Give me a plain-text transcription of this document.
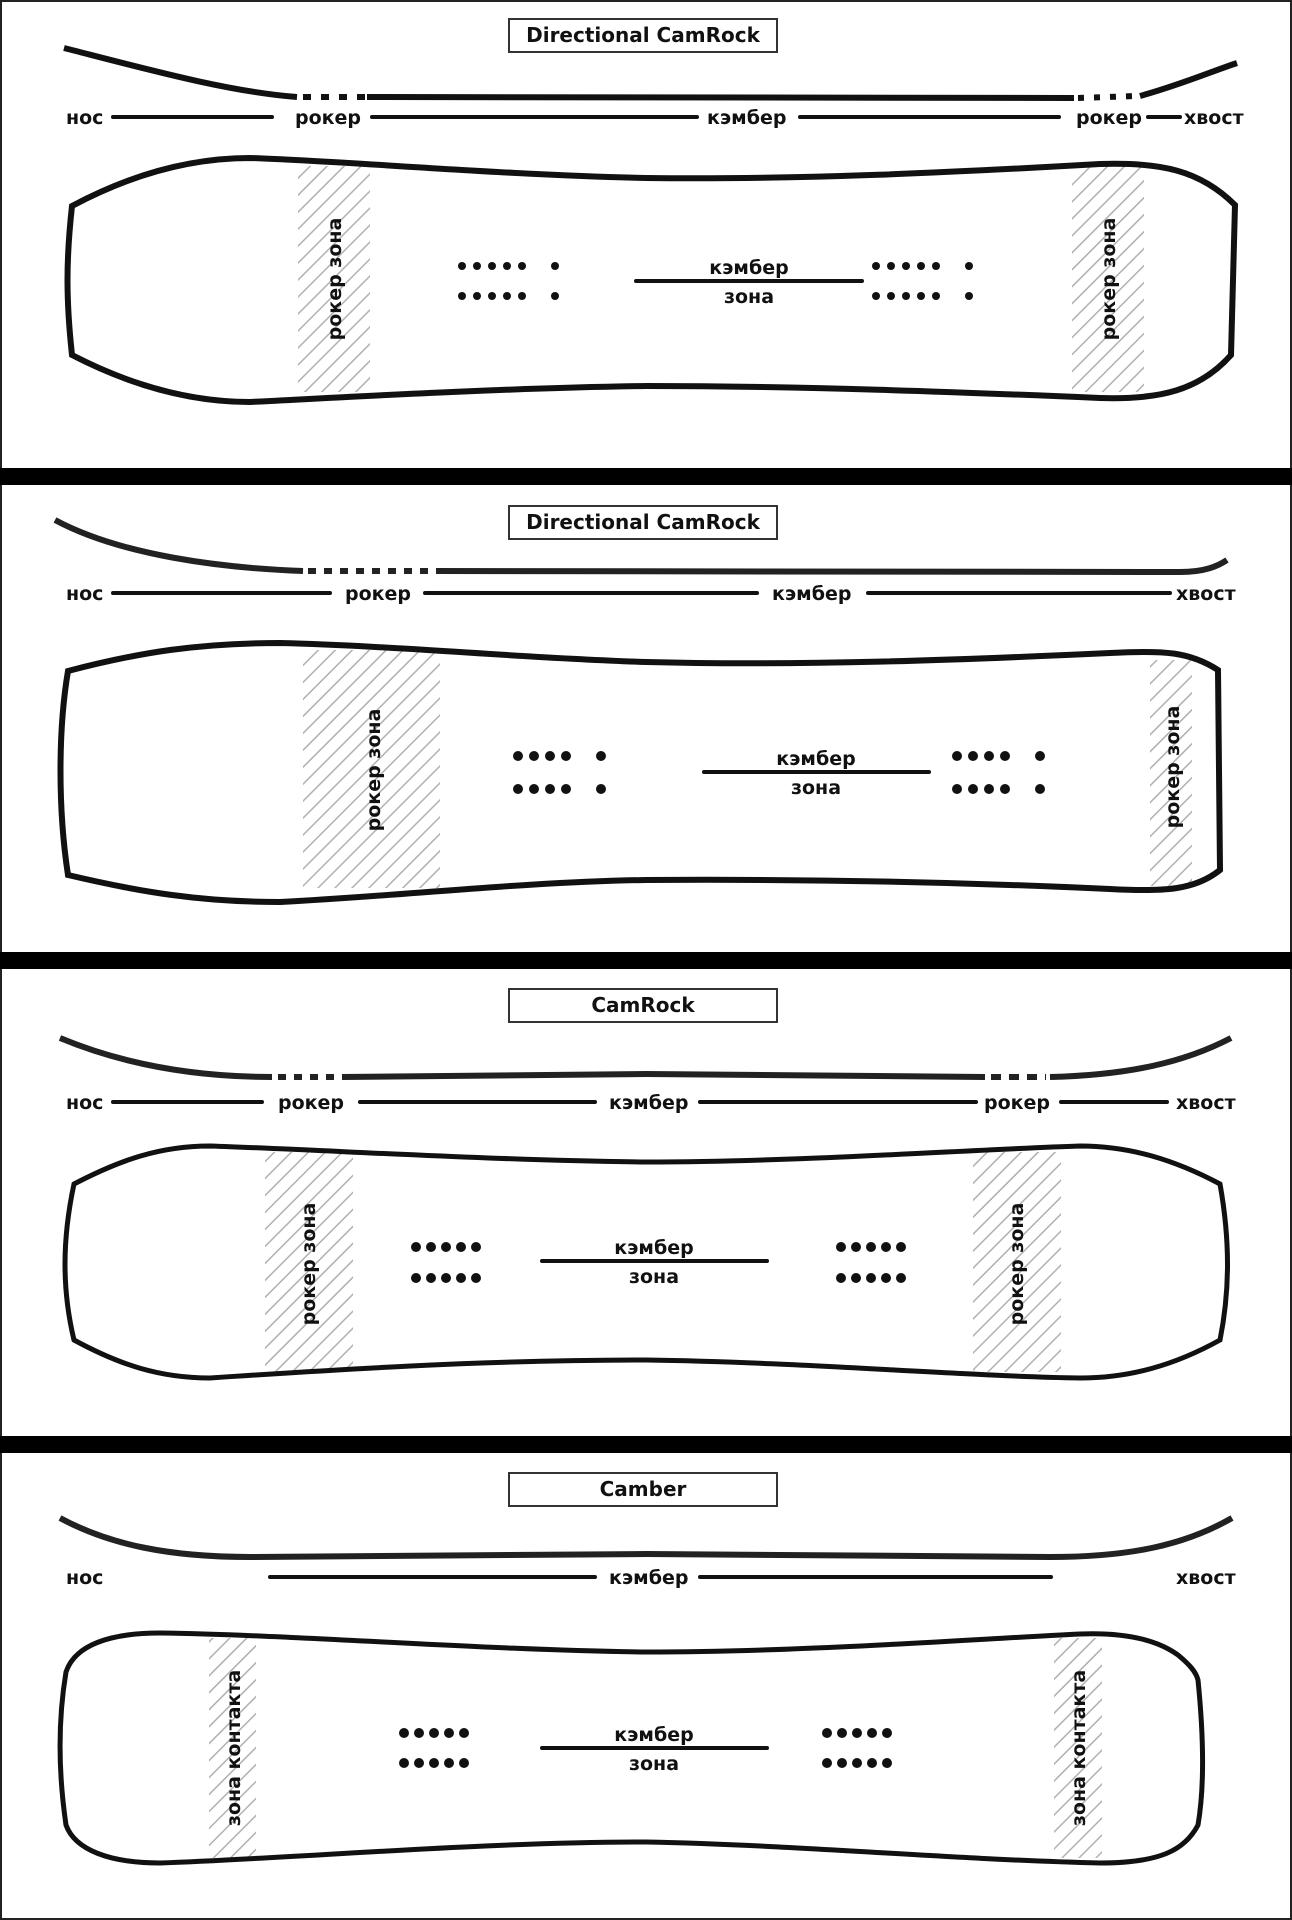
нос	рокер	кэмбер	рокер хвост
кэмбер
зона
рокер зона	рокер зона
нос	рокер	кэмбер	хвост
кэмбер
зона
рокер зона	рокер зона
нос	рокер	кэмбер	рокер	хвост
кэмбер
зона
рокер зона	рокер зона
нос	кэмбер	хвост
кэмбер
зона
зона контакта	зона контакта
Directional CamRock
Directional CamRock
CamRock
Camber
